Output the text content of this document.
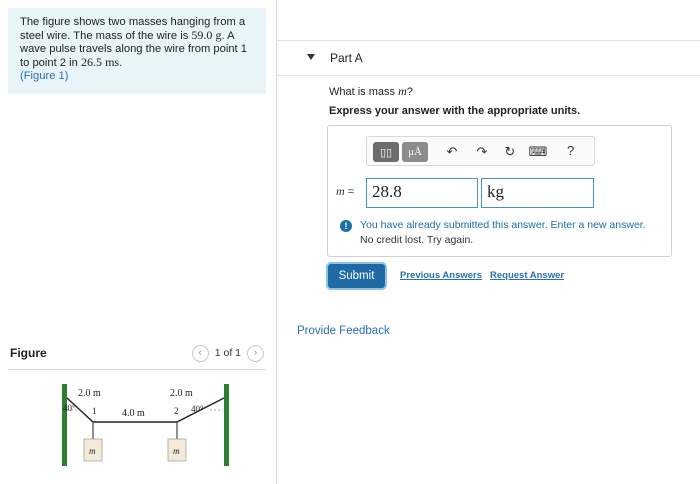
The figure shows two masses hanging from a steel wire. The mass of the wire is 59.0 g. A wave pulse travels along the wire from point 1 to point 2 in 26.5 ms.
(Figure 1)
Figure	‹ 1 of 1 ›
2.0 m
40° 1	4.0 m
2.0 m
2 40°
m	m
Part A
What is mass m?
Express your answer with the appropriate units.
▯▯ μÅ ↶ ↷ ↻ ⌨ ?
m =	28.8	kg
!	You have already submitted this answer. Enter a new answer.
No credit lost. Try again.
Submit	Previous Answers Request Answer
Provide Feedback
